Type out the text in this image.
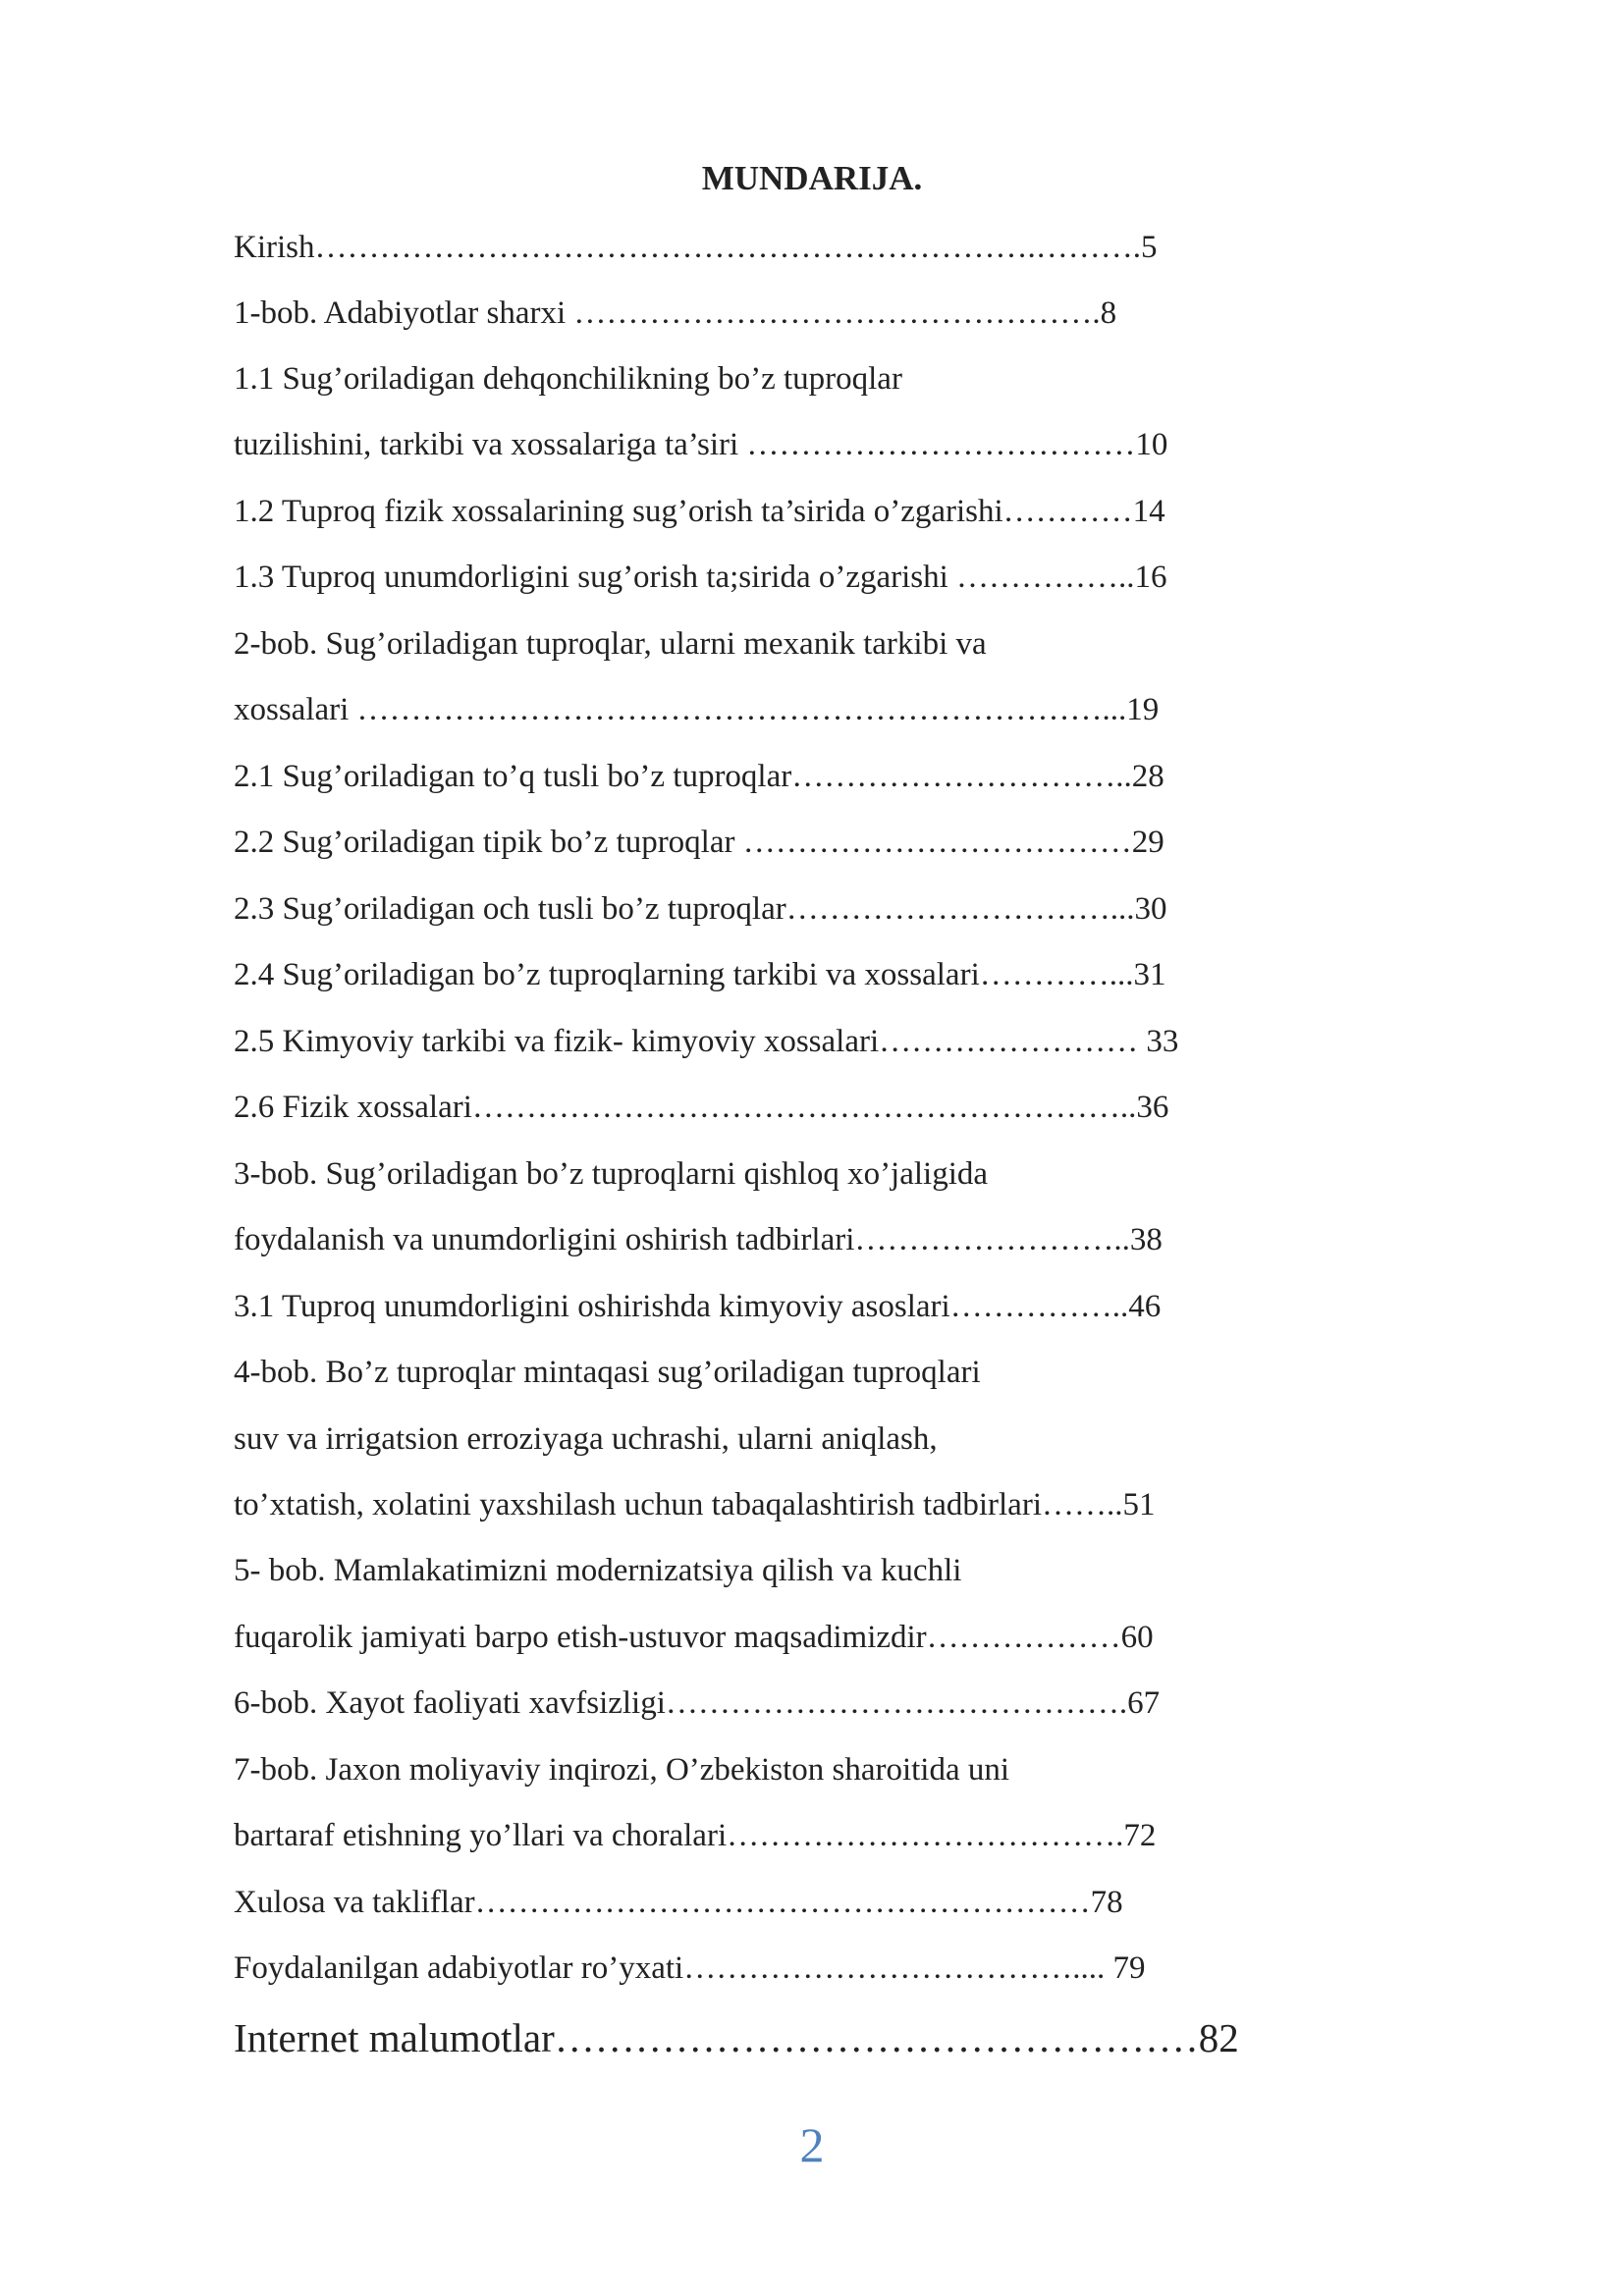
MUNDARIJA.
Kirish………………………………………………………….……….5
1-bob. Adabiyotlar sharxi ………………………………………….8
1.1 Sug’oriladigan dehqonchilikning bo’z tuproqlar
tuzilishini, tarkibi va xossalariga ta’siri ………………………………10
1.2 Tuproq fizik xossalarining sug’orish ta’sirida o’zgarishi…………14
1.3 Tuproq unumdorligini sug’orish ta;sirida o’zgarishi ……………..16
2-bob. Sug’oriladigan tuproqlar, ularni mexanik tarkibi va
xossalari ……………………………………………………………...19
2.1 Sug’oriladigan to’q tusli bo’z tuproqlar…………………………..28
2.2 Sug’oriladigan tipik bo’z tuproqlar ………………………………29
2.3 Sug’oriladigan och tusli bo’z tuproqlar…………………………...30
2.4 Sug’oriladigan bo’z tuproqlarning tarkibi va xossalari…………...31
2.5 Kimyoviy tarkibi va fizik- kimyoviy xossalari…………………… 33
2.6 Fizik xossalari……………………………………………………..36
3-bob. Sug’oriladigan bo’z tuproqlarni qishloq xo’jaligida
foydalanish va unumdorligini oshirish tadbirlari……………………..38
3.1 Tuproq unumdorligini oshirishda kimyoviy asoslari……………..46
4-bob. Bo’z tuproqlar mintaqasi sug’oriladigan tuproqlari
suv va irrigatsion erroziyaga uchrashi, ularni aniqlash,
to’xtatish, xolatini yaxshilash uchun tabaqalashtirish tadbirlari……..51
5- bob. Mamlakatimizni modernizatsiya qilish va kuchli
fuqarolik jamiyati barpo etish-ustuvor maqsadimizdir………………60
6-bob. Xayot faoliyati xavfsizligi…………………………………….67
7-bob. Jaxon moliyaviy inqirozi, O’zbekiston sharoitida uni
bartaraf etishning yo’llari va choralari……………………………….72
Xulosa va takliflar…………………………………………………78
Foydalanilgan adabiyotlar ro’yxati……………………………….... 79
Internet malumotlar…………………………………………82
2
